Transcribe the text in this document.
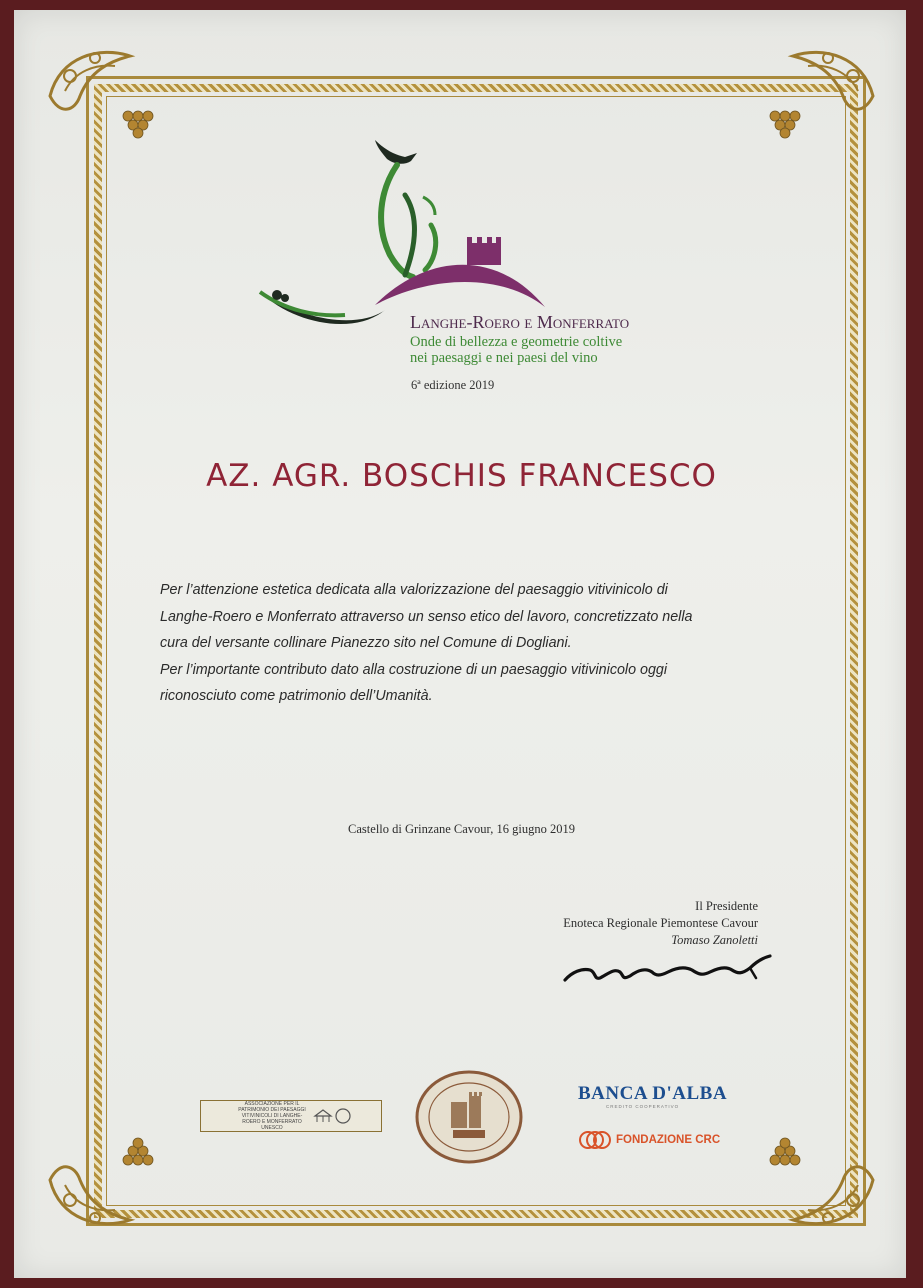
Langhe-Roero e Monferrato

Onde di bellezza e geometrie coltive

nei paesaggi e nei paesi del vino

6ª edizione 2019
AZ. AGR. BOSCHIS FRANCESCO
Per l’attenzione estetica dedicata alla valorizzazione del paesaggio vitivinicolo di
Langhe-Roero e Monferrato attraverso un senso etico del lavoro, concretizzato nella
cura del versante collinare Pianezzo sito nel Comune di Dogliani.
Per l’importante contributo dato alla costruzione di un paesaggio vitivinicolo oggi
riconosciuto come patrimonio dell’Umanità.
Castello di Grinzane Cavour, 16 giugno 2019
Il Presidente
Enoteca Regionale Piemontese Cavour
Tomaso Zanoletti
ASSOCIAZIONE PER IL PATRIMONIO DEI PAESAGGI VITIVINICOLI DI LANGHE-ROERO E MONFERRATO UNESCO
BANCA D'ALBA
CREDITO COOPERATIVO
FONDAZIONE CRC
